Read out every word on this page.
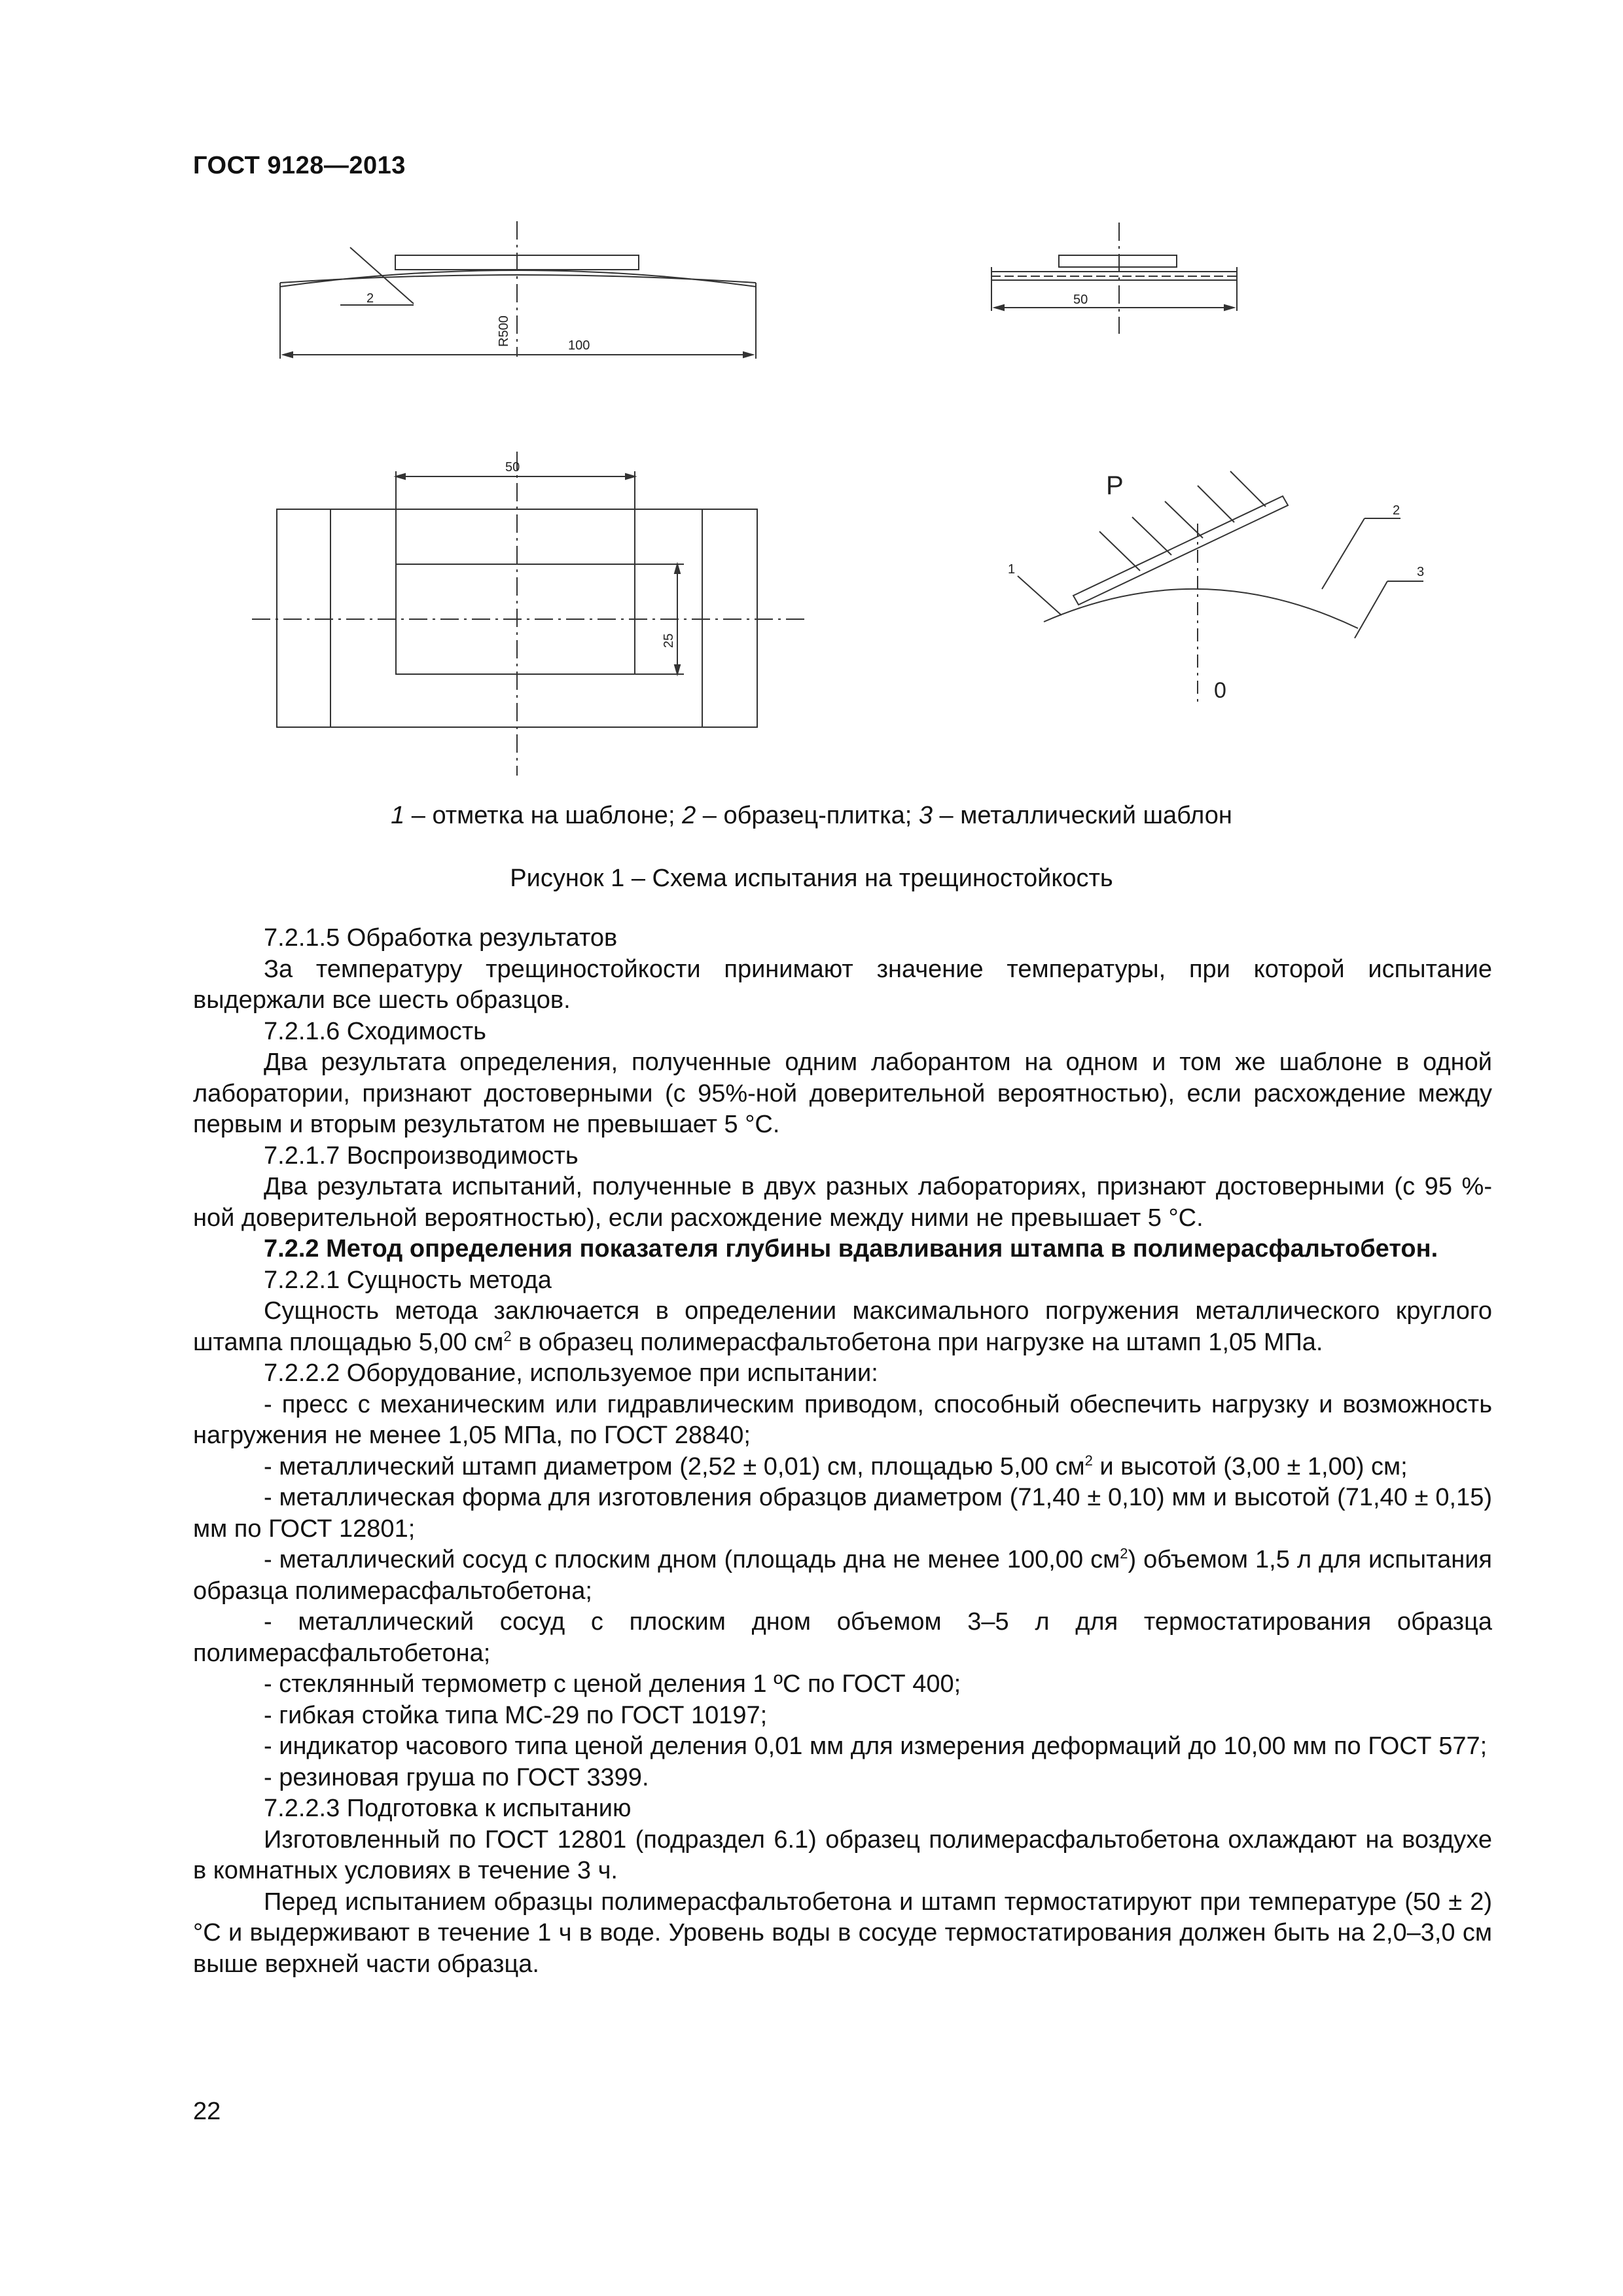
ГОСТ 9128—2013
2
R500	100
50
50
25
P
1
2
3
0
1 – отметка на шаблоне; 2 – образец-плитка; 3 – металлический шаблон
Рисунок 1 – Схема испытания на трещиностойкость

7.2.1.5 Обработка результатов

За температуру трещиностойкости принимают значение температуры, при которой испытание выдержали все шесть образцов.

7.2.1.6 Сходимость

Два результата определения, полученные одним лаборантом на одном и том же шаблоне в одной лаборатории, признают достоверными (с 95%-ной доверительной вероятностью), если расхождение между первым и вторым результатом не превышает 5 °С.

7.2.1.7 Воспроизводимость

Два результата испытаний, полученные в двух разных лабораториях, признают достоверными (с 95 %-ной доверительной вероятностью), если расхождение между ними не превышает 5 °С.

7.2.2 Метод определения показателя глубины вдавливания штампа в полимерасфальтобетон.

7.2.2.1 Сущность метода

Сущность метода заключается в определении максимального погружения металлического круглого штампа площадью 5,00 $см^2$ в образец полимерасфальтобетона при нагрузке на штамп 1,05 МПа.

7.2.2.2 Оборудование, используемое при испытании:

- пресс с механическим или гидравлическим приводом, способный обеспечить нагрузку и возможность нагружения не менее 1,05 МПа, по ГОСТ 28840;

- металлический штамп диаметром (2,52 ± 0,01) см, площадью 5,00 $см^2$ и высотой (3,00 ± 1,00) см;

- металлическая форма для изготовления образцов диаметром (71,40 ± 0,10) мм и высотой (71,40 ± 0,15) мм по ГОСТ 12801;

- металлический сосуд с плоским дном (площадь дна не менее 100,00 $см^2$) объемом 1,5 л для испытания образца полимерасфальтобетона;

- металлический сосуд с плоским дном объемом 3–5 л для термостатирования образца полимерасфальтобетона;

- стеклянный термометр с ценой деления 1 ºС по ГОСТ 400;

- гибкая стойка типа МС-29 по ГОСТ 10197;

- индикатор часового типа ценой деления 0,01 мм для измерения деформаций до 10,00 мм по ГОСТ 577;

- резиновая груша по ГОСТ 3399.

7.2.2.3 Подготовка к испытанию

Изготовленный по ГОСТ 12801 (подраздел 6.1) образец полимерасфальтобетона охлаждают на воздухе в комнатных условиях в течение 3 ч.

Перед испытанием образцы полимерасфальтобетона и штамп термостатируют при температуре (50 ± 2) °С и выдерживают в течение 1 ч в воде. Уровень воды в сосуде термостатирования должен быть на 2,0–3,0 см выше верхней части образца.

22
